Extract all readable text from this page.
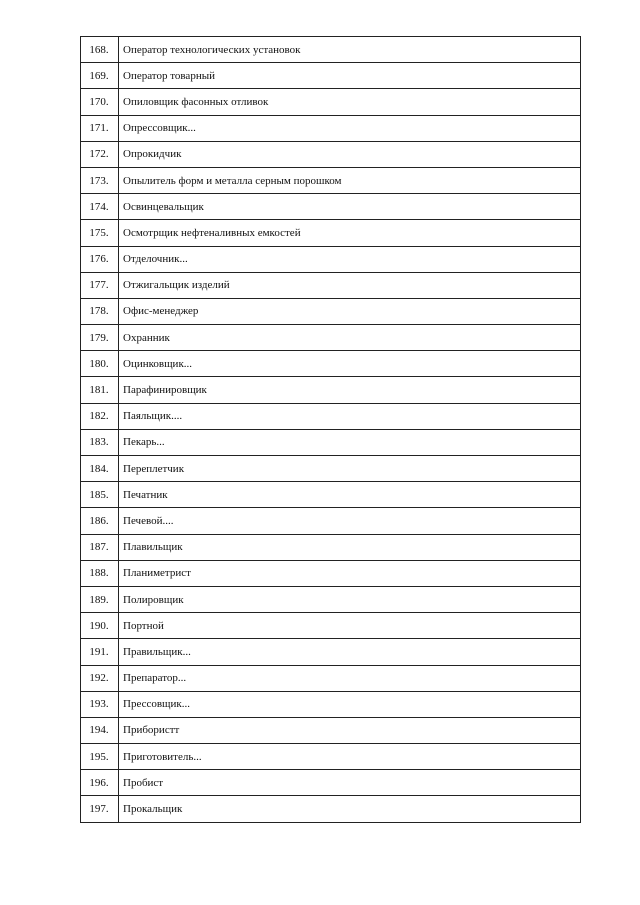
168.	Оператор технологических установок
169.	Оператор товарный
170.	Опиловщик фасонных отливок
171.	Опрессовщик...
172.	Опрокидчик
173.	Опылитель форм и металла серным порошком
174.	Освинцевальщик
175.	Осмотрщик нефтеналивных емкостей
176.	Отделочник...
177.	Отжигальщик изделий
178.	Офис-менеджер
179.	Охранник
180.	Оцинковщик...
181.	Парафинировщик
182.	Паяльщик....
183.	Пекарь...
184.	Переплетчик
185.	Печатник
186.	Печевой....
187.	Плавильщик
188.	Планиметрист
189.	Полировщик
190.	Портной
191.	Правильщик...
192.	Препаратор...
193.	Прессовщик...
194.	Прибористт
195.	Приготовитель...
196.	Пробист
197.	Прокальщик
